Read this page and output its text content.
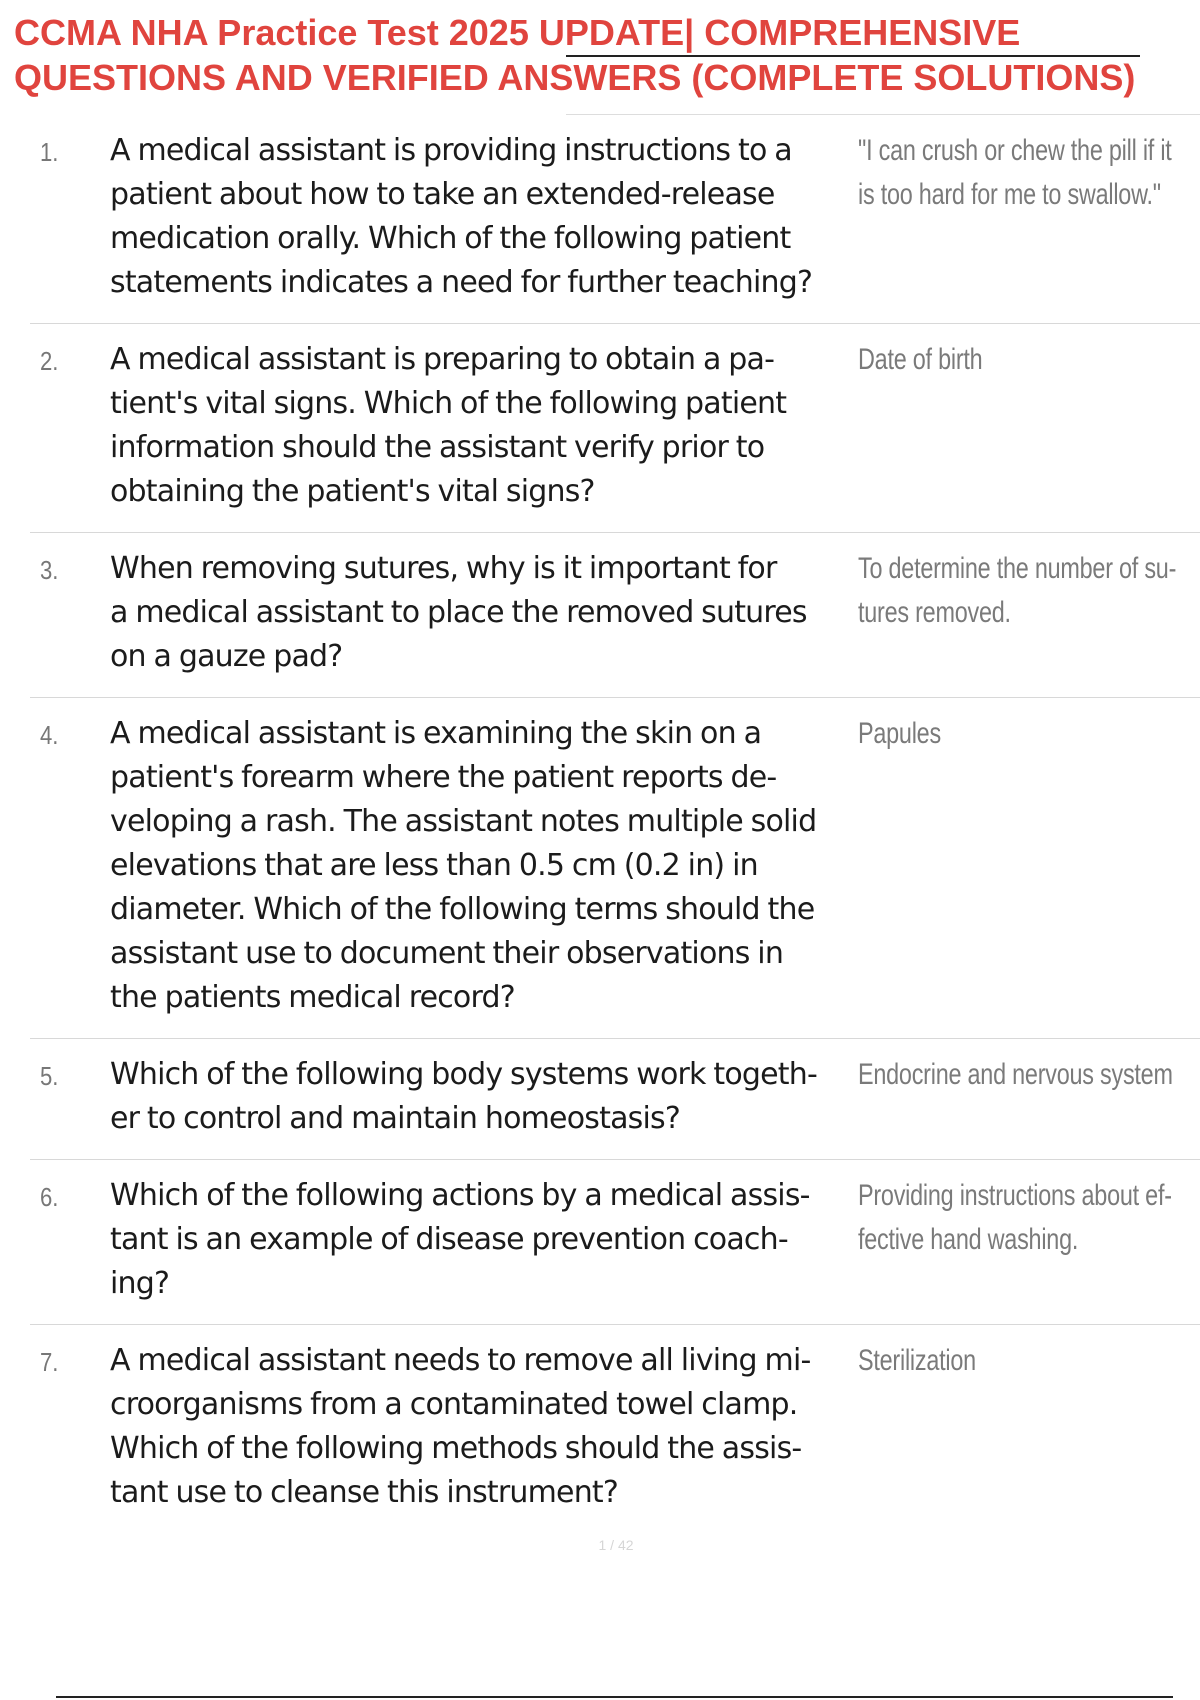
CCMA NHA Practice Test 2025 UPDATE| COMPREHENSIVE
QUESTIONS AND VERIFIED ANSWERS (COMPLETE SOLUTIONS)
1. A medical assistant is providing instructions to a
patient about how to take an extended-release
medication orally. Which of the following patient
statements indicates a need for further teaching?
"I can crush or chew the pill if it
is too hard for me to swallow."
2. A medical assistant is preparing to obtain a pa-
tient's vital signs. Which of the following patient
information should the assistant verify prior to
obtaining the patient's vital signs?
Date of birth
3. When removing sutures, why is it important for
a medical assistant to place the removed sutures
on a gauze pad?
To determine the number of su-
tures removed.
4. A medical assistant is examining the skin on a
patient's forearm where the patient reports de-
veloping a rash. The assistant notes multiple solid
elevations that are less than 0.5 cm (0.2 in) in
diameter. Which of the following terms should the
assistant use to document their observations in
the patients medical record?
Papules
5. Which of the following body systems work togeth-
er to control and maintain homeostasis?
Endocrine and nervous system
6. Which of the following actions by a medical assis-
tant is an example of disease prevention coach-
ing?
Providing instructions about ef-
fective hand washing.
7. A medical assistant needs to remove all living mi-
croorganisms from a contaminated towel clamp.
Which of the following methods should the assis-
tant use to cleanse this instrument?
Sterilization
1 / 42
